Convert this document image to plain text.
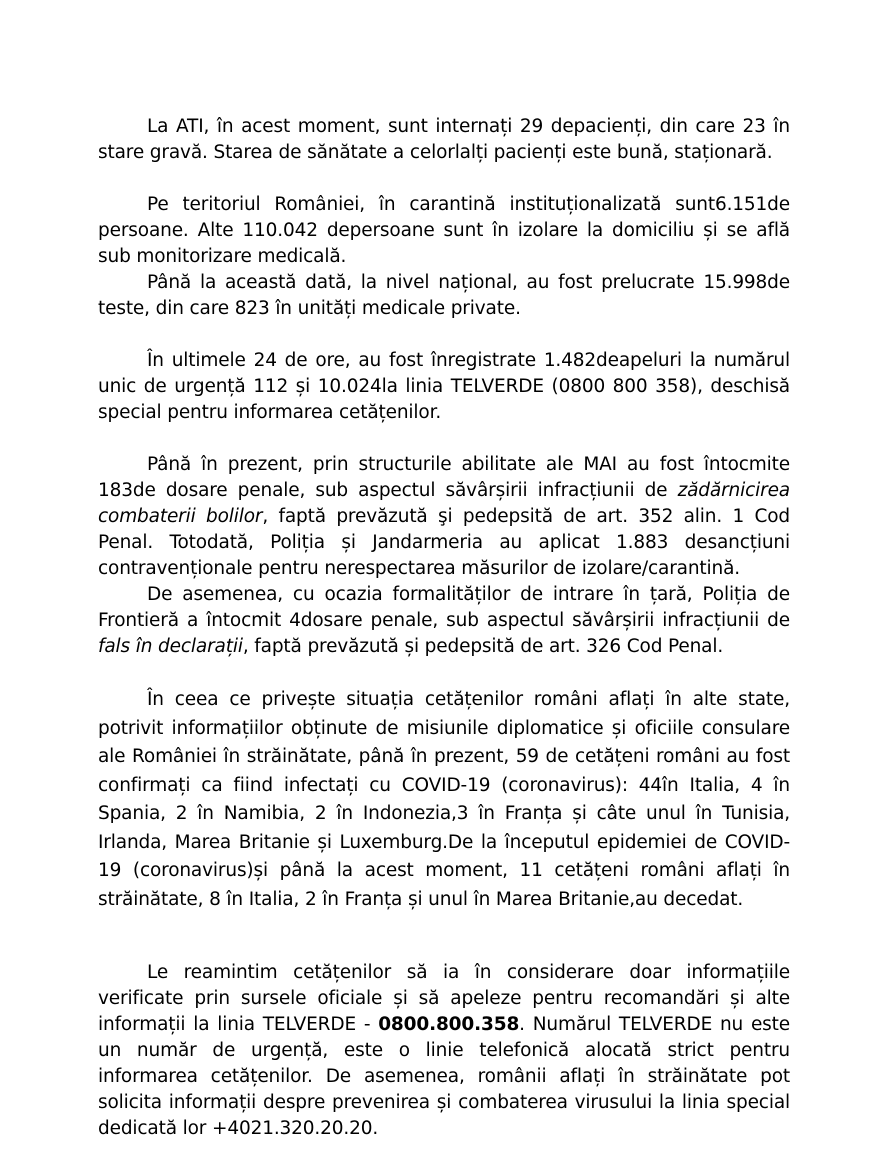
La ATI, în acest moment, sunt internați 29 depacienți, din care 23 în stare gravă. Starea de sănătate a celorlalți pacienți este bună, staționară.

Pe teritoriul României, în carantină instituționalizată sunt6.151de persoane. Alte 110.042 depersoane sunt în izolare la domiciliu și se află sub monitorizare medicală.

Până la această dată, la nivel național, au fost prelucrate 15.998de teste, din care 823 în unități medicale private.

În ultimele 24 de ore, au fost înregistrate 1.482deapeluri la numărul unic de urgență 112 și 10.024la linia TELVERDE (0800 800 358), deschisă special pentru informarea cetățenilor.

Până în prezent, prin structurile abilitate ale MAI au fost întocmite 183de dosare penale, sub aspectul săvârșirii infracțiunii de zădărnicirea combaterii bolilor, faptă prevăzută şi pedepsită de art. 352 alin. 1 Cod Penal. Totodată, Poliția și Jandarmeria au aplicat 1.883 desancțiuni contravenționale pentru nerespectarea măsurilor de izolare/carantină.

De asemenea, cu ocazia formalităților de intrare în țară, Poliția de Frontieră a întocmit 4dosare penale, sub aspectul săvârșirii infracțiunii de fals în declarații, faptă prevăzută și pedepsită de art. 326 Cod Penal.

În ceea ce privește situația cetățenilor români aflați în alte state, potrivit informațiilor obținute de misiunile diplomatice și oficiile consulare ale României în străinătate, până în prezent, 59 de cetățeni români au fost confirmați ca fiind infectați cu COVID-19 (coronavirus): 44în Italia, 4 în Spania, 2 în Namibia, 2 în Indonezia,3 în Franța și câte unul în Tunisia, Irlanda, Marea Britanie și Luxemburg.De la începutul epidemiei de COVID-19 (coronavirus)și până la acest moment, 11 cetățeni români aflați în străinătate, 8 în Italia, 2 în Franța și unul în Marea Britanie,au decedat.

Le reamintim cetățenilor să ia în considerare doar informațiile verificate prin sursele oficiale și să apeleze pentru recomandări și alte informații la linia TELVERDE - 0800.800.358. Numărul TELVERDE nu este un număr de urgență, este o linie telefonică alocată strict pentru informarea cetățenilor. De asemenea, românii aflați în străinătate pot solicita informații despre prevenirea și combaterea virusului la linia special dedicată lor +4021.320.20.20.
